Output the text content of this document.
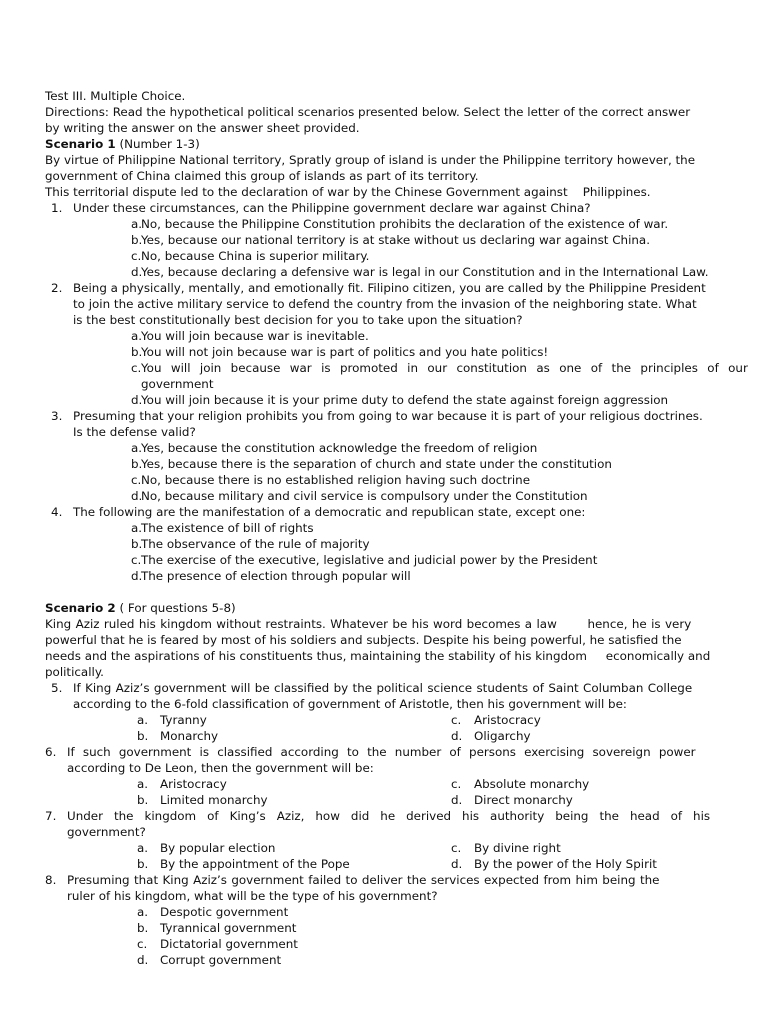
Test III. Multiple Choice.
Directions: Read the hypothetical political scenarios presented below. Select the letter of the correct answer
by writing the answer on the answer sheet provided.
Scenario 1 (Number 1-3)
By virtue of Philippine National territory, Spratly group of island is under the Philippine territory however, the
government of China claimed this group of islands as part of its territory.
This territorial dispute led to the declaration of war by the Chinese Government against    Philippines.
1. Under these circumstances, can the Philippine government declare war against China?
a.
No, because the Philippine Constitution prohibits the declaration of the existence of war.
b.
Yes, because our national territory is at stake without us declaring war against China.
c. No, because China is superior military.
d.
Yes, because declaring a defensive war is legal in our Constitution and in the International Law.
2. Being a physically, mentally, and emotionally fit. Filipino citizen, you are called by the Philippine President
to join the active military service to defend the country from the invasion of the neighboring state. What
is the best constitutionally best decision for you to take upon the situation?
a.
You will join because war is inevitable.
b.
You will not join because war is part of politics and you hate politics!
c. You will join because war is promoted in our constitution as one of the principles of our
government
d.
You will join because it is your prime duty to defend the state against foreign aggression
3. Presuming that your religion prohibits you from going to war because it is part of your religious doctrines.
Is the defense valid?
a.
Yes, because the constitution acknowledge the freedom of religion
b.
Yes, because there is the separation of church and state under the constitution
c. No, because there is no established religion having such doctrine
d.
No, because military and civil service is compulsory under the Constitution
4. The following are the manifestation of a democratic and republican state, except one:
a.
The existence of bill of rights
b.
The observance of the rule of majority
c. The exercise of the executive, legislative and judicial power by the President
d.
The presence of election through popular will
Scenario 2 ( For questions 5-8)
King Aziz ruled his kingdom without restraints. Whatever be his word becomes a law       hence, he is very
powerful that he is feared by most of his soldiers and subjects. Despite his being powerful, he satisfied the
needs and the aspirations of his constituents thus, maintaining the stability of his kingdom     economically and
politically.
5. If King Aziz’s government will be classified by the political science students of Saint Columban College
according to the 6-fold classification of government of Aristotle, then his government will be:
a. Tyranny	c. Aristocracy
b. Monarchy	d. Oligarchy
6. If such government is classified according to the number of persons exercising sovereign power
according to De Leon, then the government will be:
a. Aristocracy	c. Absolute monarchy
b. Limited monarchy	d. Direct monarchy
7. Under the kingdom of King’s Aziz, how did he derived his authority being the head of his
government?
a. By popular election	c. By divine right
b. By the appointment of the Pope	d. By the power of the Holy Spirit
8. Presuming that King Aziz’s government failed to deliver the services expected from him being the
ruler of his kingdom, what will be the type of his government?
a. Despotic government
b. Tyrannical government
c. Dictatorial government
d. Corrupt government
